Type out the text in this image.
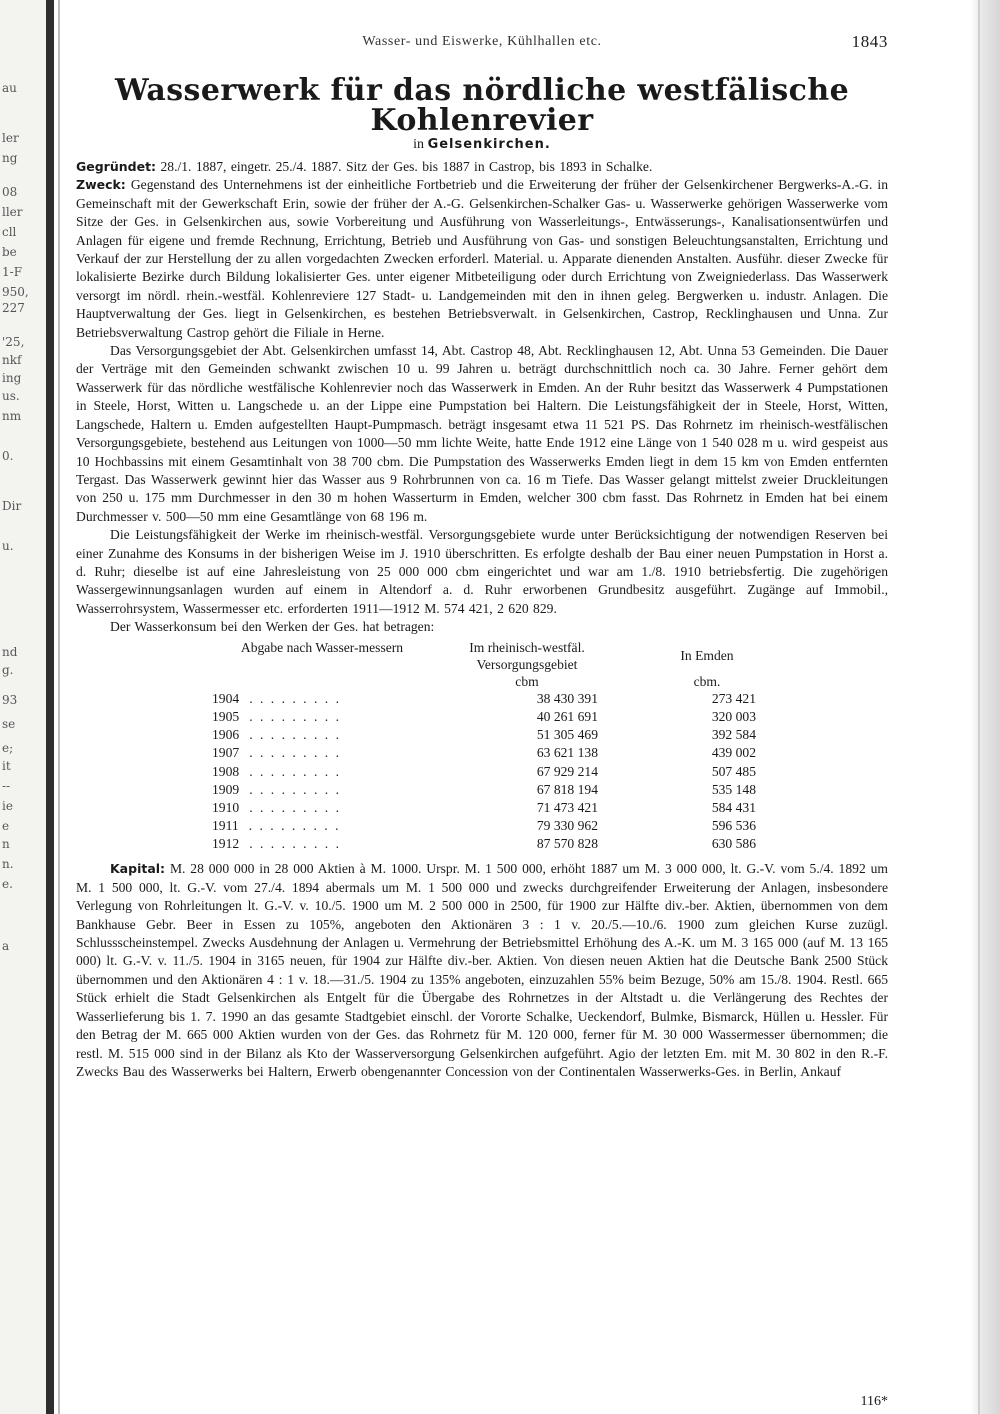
au
ler
ng
08
ller
cll
be
1-F
950,
227
'25,
nkf
ing
us.
nm
0.
Dir
u.
nd
g.
93
se
e;
it
--
ie
e
n
n.
e.
a
Wasser- und Eiswerke, Kühlhallen etc.	1843
Wasserwerk für das nördliche westfälische Kohlenrevier
in Gelsenkirchen.
Gegründet: 28./1. 1887, eingetr. 25./4. 1887. Sitz der Ges. bis 1887 in Castrop, bis 1893 in Schalke.
Zweck: Gegenstand des Unternehmens ist der einheitliche Fortbetrieb und die Erweiterung der früher der Gelsenkirchener Bergwerks-A.-G. in Gemeinschaft mit der Gewerkschaft Erin, sowie der früher der A.-G. Gelsenkirchen-Schalker Gas- u. Wasserwerke gehörigen Wasserwerke vom Sitze der Ges. in Gelsenkirchen aus, sowie Vorbereitung und Ausführung von Wasserleitungs-, Entwässerungs-, Kanalisationsentwürfen und Anlagen für eigene und fremde Rechnung, Errichtung, Betrieb und Ausführung von Gas- und sonstigen Beleuchtungsanstalten, Errichtung und Verkauf der zur Herstellung der zu allen vorgedachten Zwecken erforderl. Material. u. Apparate dienenden Anstalten. Ausführ. dieser Zwecke für lokalisierte Bezirke durch Bildung lokalisierter Ges. unter eigener Mitbeteiligung oder durch Errichtung von Zweigniederlass. Das Wasserwerk versorgt im nördl. rhein.-westfäl. Kohlenreviere 127 Stadt- u. Landgemeinden mit den in ihnen geleg. Bergwerken u. industr. Anlagen. Die Hauptverwaltung der Ges. liegt in Gelsenkirchen, es bestehen Betriebsverwalt. in Gelsenkirchen, Castrop, Recklinghausen und Unna. Zur Betriebsverwaltung Castrop gehört die Filiale in Herne.
Das Versorgungsgebiet der Abt. Gelsenkirchen umfasst 14, Abt. Castrop 48, Abt. Recklinghausen 12, Abt. Unna 53 Gemeinden. Die Dauer der Verträge mit den Gemeinden schwankt zwischen 10 u. 99 Jahren u. beträgt durchschnittlich noch ca. 30 Jahre. Ferner gehört dem Wasserwerk für das nördliche westfälische Kohlenrevier noch das Wasserwerk in Emden. An der Ruhr besitzt das Wasserwerk 4 Pumpstationen in Steele, Horst, Witten u. Langschede u. an der Lippe eine Pumpstation bei Haltern. Die Leistungsfähigkeit der in Steele, Horst, Witten, Langschede, Haltern u. Emden aufgestellten Haupt-Pumpmasch. beträgt insgesamt etwa 11 521 PS. Das Rohrnetz im rheinisch-westfälischen Versorgungsgebiete, bestehend aus Leitungen von 1000—50 mm lichte Weite, hatte Ende 1912 eine Länge von 1 540 028 m u. wird gespeist aus 10 Hochbassins mit einem Gesamtinhalt von 38 700 cbm. Die Pumpstation des Wasserwerks Emden liegt in dem 15 km von Emden entfernten Tergast. Das Wasserwerk gewinnt hier das Wasser aus 9 Rohrbrunnen von ca. 16 m Tiefe. Das Wasser gelangt mittelst zweier Druckleitungen von 250 u. 175 mm Durchmesser in den 30 m hohen Wasserturm in Emden, welcher 300 cbm fasst. Das Rohrnetz in Emden hat bei einem Durchmesser v. 500—50 mm eine Gesamtlänge von 68 196 m.
Die Leistungsfähigkeit der Werke im rheinisch-westfäl. Versorgungsgebiete wurde unter Berücksichtigung der notwendigen Reserven bei einer Zunahme des Konsums in der bisherigen Weise im J. 1910 überschritten. Es erfolgte deshalb der Bau einer neuen Pumpstation in Horst a. d. Ruhr; dieselbe ist auf eine Jahresleistung von 25 000 000 cbm eingerichtet und war am 1./8. 1910 betriebsfertig. Die zugehörigen Wassergewinnungsanlagen wurden auf einem in Altendorf a. d. Ruhr erworbenen Grundbesitz ausgeführt. Zugänge auf Immobil., Wasserrohrsystem, Wassermesser etc. erforderten 1911—1912 M. 574 421, 2 620 829.
Der Wasserkonsum bei den Werken der Ges. hat betragen:
Abgabe nach Wasser-messern	Im rheinisch-westfäl. Versorgungsgebiet	In Emden
	cbm	cbm.
1904 . . . . . . . . .	38 430 391	273 421
1905 . . . . . . . . .	40 261 691	320 003
1906 . . . . . . . . .	51 305 469	392 584
1907 . . . . . . . . .	63 621 138	439 002
1908 . . . . . . . . .	67 929 214	507 485
1909 . . . . . . . . .	67 818 194	535 148
1910 . . . . . . . . .	71 473 421	584 431
1911 . . . . . . . . .	79 330 962	596 536
1912 . . . . . . . . .	87 570 828	630 586
Kapital: M. 28 000 000 in 28 000 Aktien à M. 1000. Urspr. M. 1 500 000, erhöht 1887 um M. 3 000 000, lt. G.-V. vom 5./4. 1892 um M. 1 500 000, lt. G.-V. vom 27./4. 1894 abermals um M. 1 500 000 und zwecks durchgreifender Erweiterung der Anlagen, insbesondere Verlegung von Rohrleitungen lt. G.-V. v. 10./5. 1900 um M. 2 500 000 in 2500, für 1900 zur Hälfte div.-ber. Aktien, übernommen von dem Bankhause Gebr. Beer in Essen zu 105%, angeboten den Aktionären 3 : 1 v. 20./5.—10./6. 1900 zum gleichen Kurse zuzügl. Schlussscheinstempel. Zwecks Ausdehnung der Anlagen u. Vermehrung der Betriebsmittel Erhöhung des A.-K. um M. 3 165 000 (auf M. 13 165 000) lt. G.-V. v. 11./5. 1904 in 3165 neuen, für 1904 zur Hälfte div.-ber. Aktien. Von diesen neuen Aktien hat die Deutsche Bank 2500 Stück übernommen und den Aktionären 4 : 1 v. 18.—31./5. 1904 zu 135% angeboten, einzuzahlen 55% beim Bezuge, 50% am 15./8. 1904. Restl. 665 Stück erhielt die Stadt Gelsenkirchen als Entgelt für die Übergabe des Rohrnetzes in der Altstadt u. die Verlängerung des Rechtes der Wasserlieferung bis 1. 7. 1990 an das gesamte Stadtgebiet einschl. der Vororte Schalke, Ueckendorf, Bulmke, Bismarck, Hüllen u. Hessler. Für den Betrag der M. 665 000 Aktien wurden von der Ges. das Rohrnetz für M. 120 000, ferner für M. 30 000 Wassermesser übernommen; die restl. M. 515 000 sind in der Bilanz als Kto der Wasserversorgung Gelsenkirchen aufgeführt. Agio der letzten Em. mit M. 30 802 in den R.-F. Zwecks Bau des Wasserwerks bei Haltern, Erwerb obengenannter Concession von der Continentalen Wasserwerks-Ges. in Berlin, Ankauf
116*
